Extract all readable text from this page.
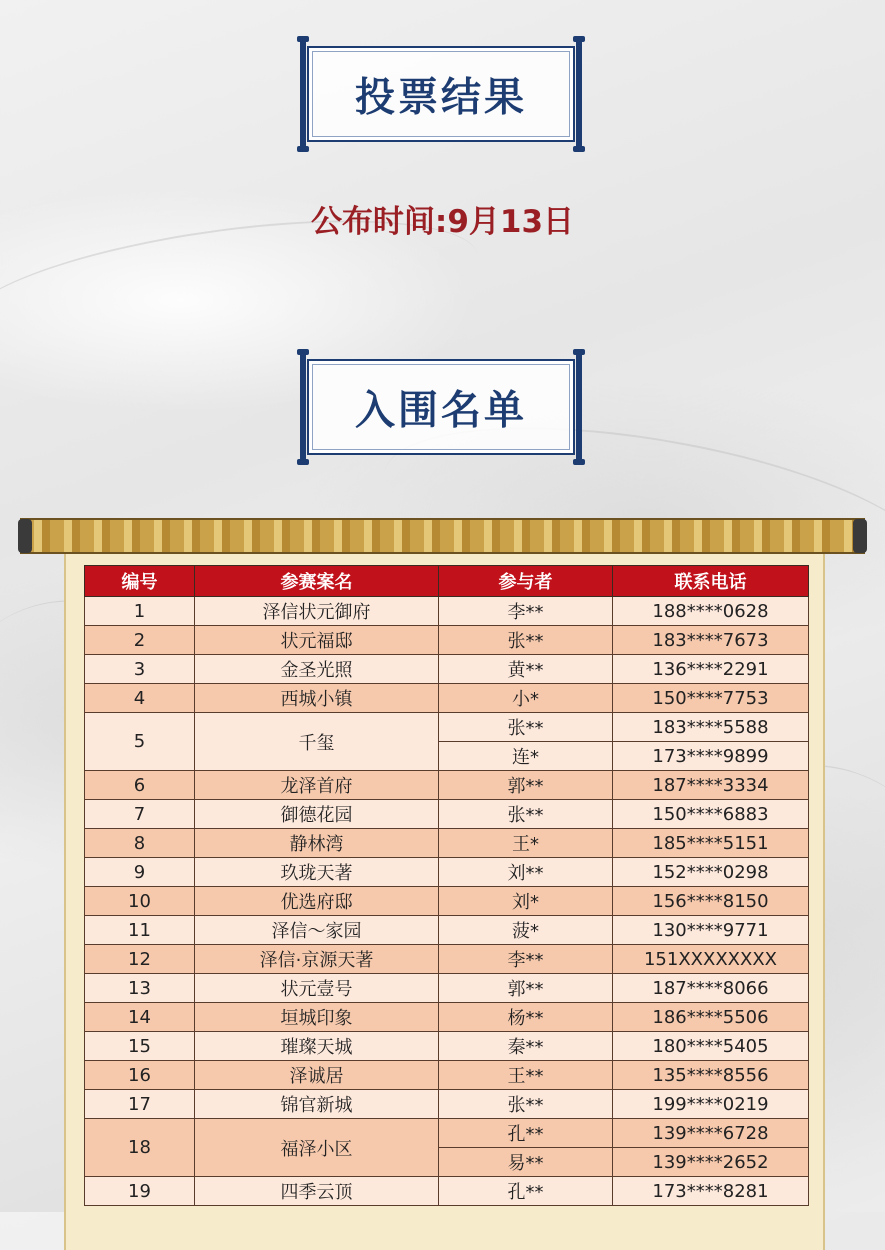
投票结果
公布时间:9月13日
入围名单
编号	参赛案名	参与者	联系电话
1	泽信状元御府	李**	188****0628
2	状元福邸	张**	183****7673
3	金圣光照	黄**	136****2291
4	西城小镇	小*	150****7753
5	千玺	张**	183****5588
		连*	173****9899
6	龙泽首府	郭**	187****3334
7	御德花园	张**	150****6883
8	静林湾	王*	185****5151
9	玖珑天著	刘**	152****0298
10	优选府邸	刘*	156****8150
11	泽信～家园	菠*	130****9771
12	泽信·京源天著	李**	151XXXXXXXX
13	状元壹号	郭**	187****8066
14	垣城印象	杨**	186****5506
15	璀璨天城	秦**	180****5405
16	泽诚居	王**	135****8556
17	锦官新城	张**	199****0219
18	福泽小区	孔**	139****6728
		易**	139****2652
19	四季云顶	孔**	173****8281
